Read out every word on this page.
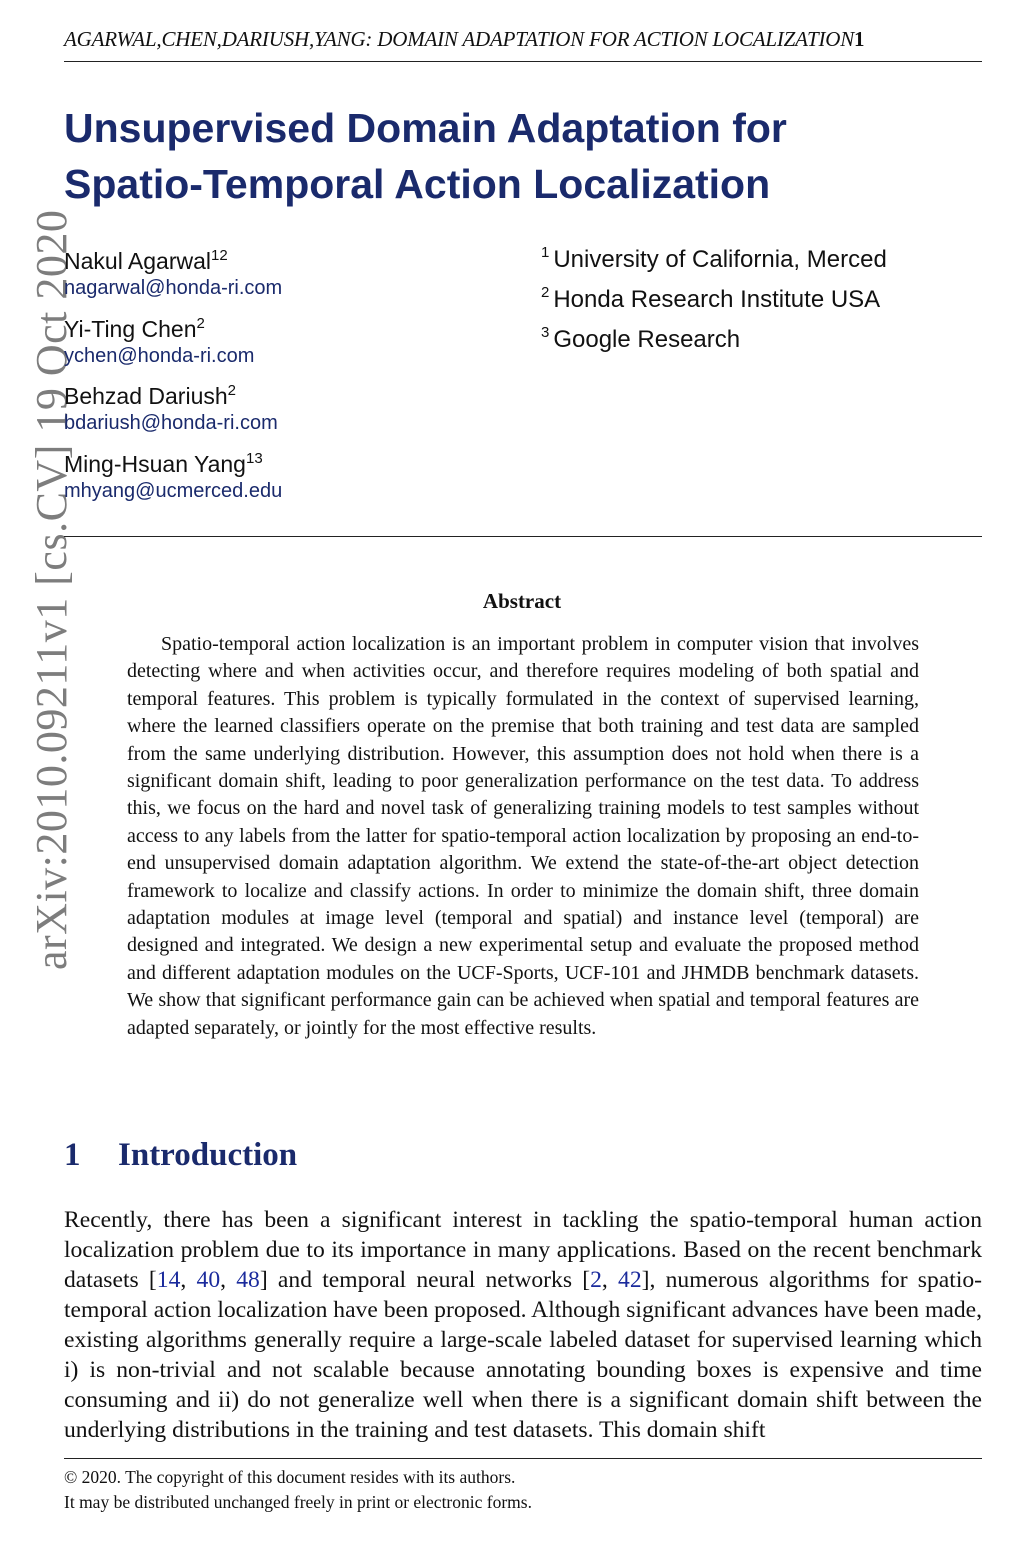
AGARWAL,CHEN,DARIUSH,YANG: DOMAIN ADAPTATION FOR ACTION LOCALIZATION1
arXiv:2010.09211v1 [cs.CV] 19 Oct 2020
Unsupervised Domain Adaptation for
Spatio-Temporal Action Localization
Nakul Agarwal$^{12}$
nagarwal@honda-ri.com
Yi-Ting Chen$^2$
ychen@honda-ri.com
Behzad Dariush$^2$
bdariush@honda-ri.com
Ming-Hsuan Yang$^{13}$
mhyang@ucmerced.edu
$^1$ University of California, Merced
$^2$ Honda Research Institute USA
$^3$ Google Research
Abstract
Spatio-temporal action localization is an important problem in computer vision that involves detecting where and when activities occur, and therefore requires modeling of both spatial and temporal features. This problem is typically formulated in the context of supervised learning, where the learned classifiers operate on the premise that both training and test data are sampled from the same underlying distribution. However, this assumption does not hold when there is a significant domain shift, leading to poor generalization performance on the test data. To address this, we focus on the hard and novel task of generalizing training models to test samples without access to any labels from the latter for spatio-temporal action localization by proposing an end-to-end unsupervised domain adaptation algorithm. We extend the state-of-the-art object detection framework to localize and classify actions. In order to minimize the domain shift, three domain adaptation modules at image level (temporal and spatial) and instance level (temporal) are designed and integrated. We design a new experimental setup and evaluate the proposed method and different adaptation modules on the UCF-Sports, UCF-101 and JHMDB benchmark datasets. We show that significant performance gain can be achieved when spatial and temporal features are adapted separately, or jointly for the most effective results.
1 Introduction
Recently, there has been a significant interest in tackling the spatio-temporal human action localization problem due to its importance in many applications. Based on the recent benchmark datasets [14, 40, 48] and temporal neural networks [2, 42], numerous algorithms for spatio-temporal action localization have been proposed. Although significant advances have been made, existing algorithms generally require a large-scale labeled dataset for supervised learning which i) is non-trivial and not scalable because annotating bounding boxes is expensive and time consuming and ii) do not generalize well when there is a significant domain shift between the underlying distributions in the training and test datasets. This domain shift
© 2020. The copyright of this document resides with its authors.
It may be distributed unchanged freely in print or electronic forms.
